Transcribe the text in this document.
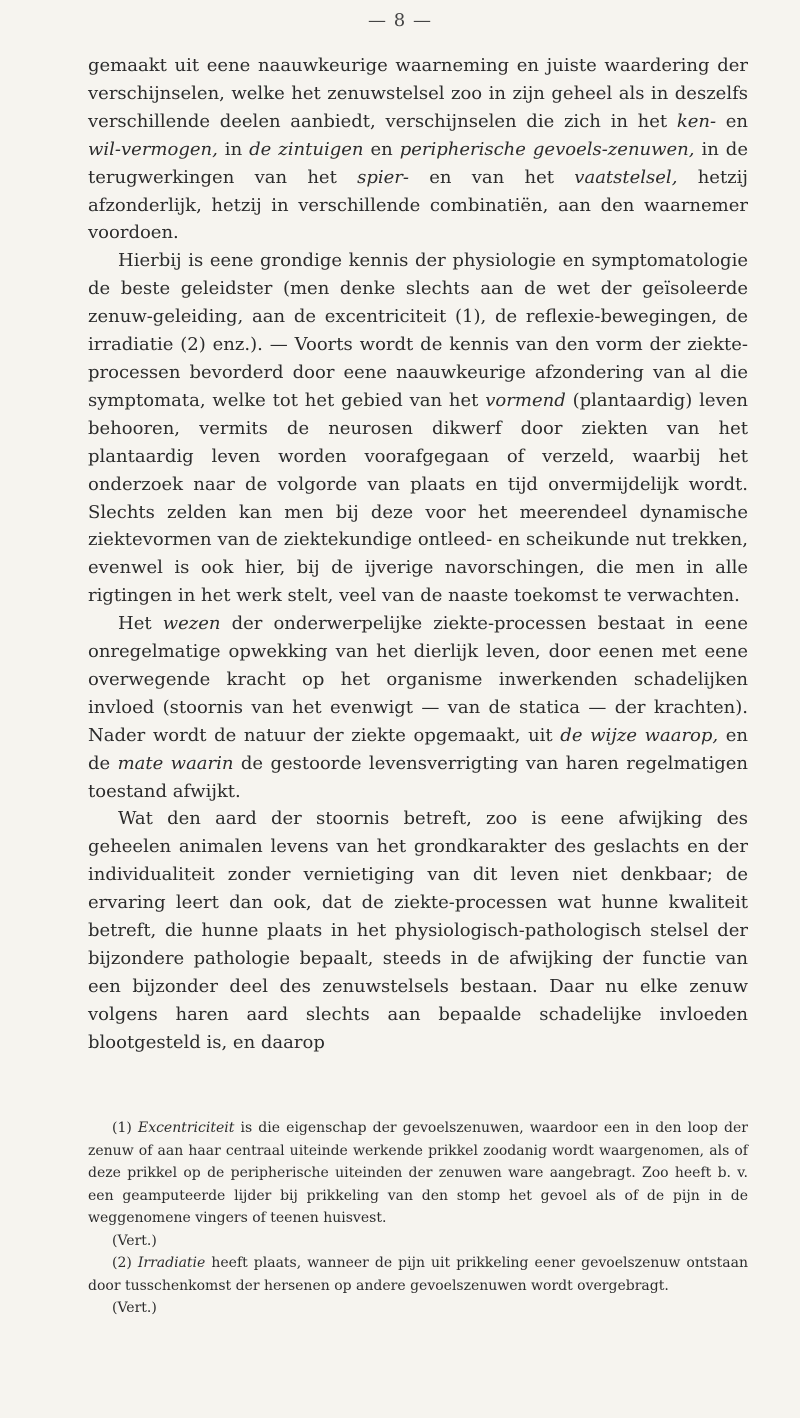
— 8 —

gemaakt uit eene naauwkeurige waarneming en juiste waardering der verschijnselen, welke het zenuwstelsel zoo in zijn geheel als in deszelfs verschillende deelen aanbiedt, verschijnselen die zich in het ken- en wil-vermogen, in de zintuigen en peripherische gevoels-zenuwen, in de terugwerkingen van het spier- en van het vaatstelsel, hetzij afzonderlijk, hetzij in verschillende combinatiën, aan den waarnemer voordoen.

Hierbij is eene grondige kennis der physiologie en symptomatologie de beste geleidster (men denke slechts aan de wet der geïsoleerde zenuw-geleiding, aan de excentriciteit (1), de reflexie-bewegingen, de irradiatie (2) enz.). — Voorts wordt de kennis van den vorm der ziekte-processen bevorderd door eene naauwkeurige afzondering van al die symptomata, welke tot het gebied van het vormend (plantaardig) leven behooren, vermits de neurosen dikwerf door ziekten van het plantaardig leven worden voorafgegaan of verzeld, waarbij het onderzoek naar de volgorde van plaats en tijd onvermijdelijk wordt. Slechts zelden kan men bij deze voor het meerendeel dynamische ziektevormen van de ziektekundige ontleed- en scheikunde nut trekken, evenwel is ook hier, bij de ijverige navorschingen, die men in alle rigtingen in het werk stelt, veel van de naaste toekomst te verwachten.

Het wezen der onderwerpelijke ziekte-processen bestaat in eene onregelmatige opwekking van het dierlijk leven, door eenen met eene overwegende kracht op het organisme inwerkenden schadelijken invloed (stoornis van het evenwigt — van de statica — der krachten). Nader wordt de natuur der ziekte opgemaakt, uit de wijze waarop, en de mate waarin de gestoorde levensverrigting van haren regelmatigen toestand afwijkt.

Wat den aard der stoornis betreft, zoo is eene afwijking des geheelen animalen levens van het grondkarakter des geslachts en der individualiteit zonder vernietiging van dit leven niet denkbaar; de ervaring leert dan ook, dat de ziekte-processen wat hunne kwaliteit betreft, die hunne plaats in het physiologisch-pathologisch stelsel der bijzondere pathologie bepaalt, steeds in de afwijking der functie van een bijzonder deel des zenuwstelsels bestaan. Daar nu elke zenuw volgens haren aard slechts aan bepaalde schadelijke invloeden blootgesteld is, en daarop

(1) Excentriciteit is die eigenschap der gevoelszenuwen, waardoor een in den loop der zenuw of aan haar centraal uiteinde werkende prikkel zoodanig wordt waargenomen, als of deze prikkel op de peripherische uiteinden der zenuwen ware aangebragt. Zoo heeft b. v. een geamputeerde lijder bij prikkeling van den stomp het gevoel als of de pijn in de weggenomene vingers of teenen huisvest.

(Vert.)

(2) Irradiatie heeft plaats, wanneer de pijn uit prikkeling eener gevoelszenuw ontstaan door tusschenkomst der hersenen op andere gevoelszenuwen wordt overgebragt.

(Vert.)
